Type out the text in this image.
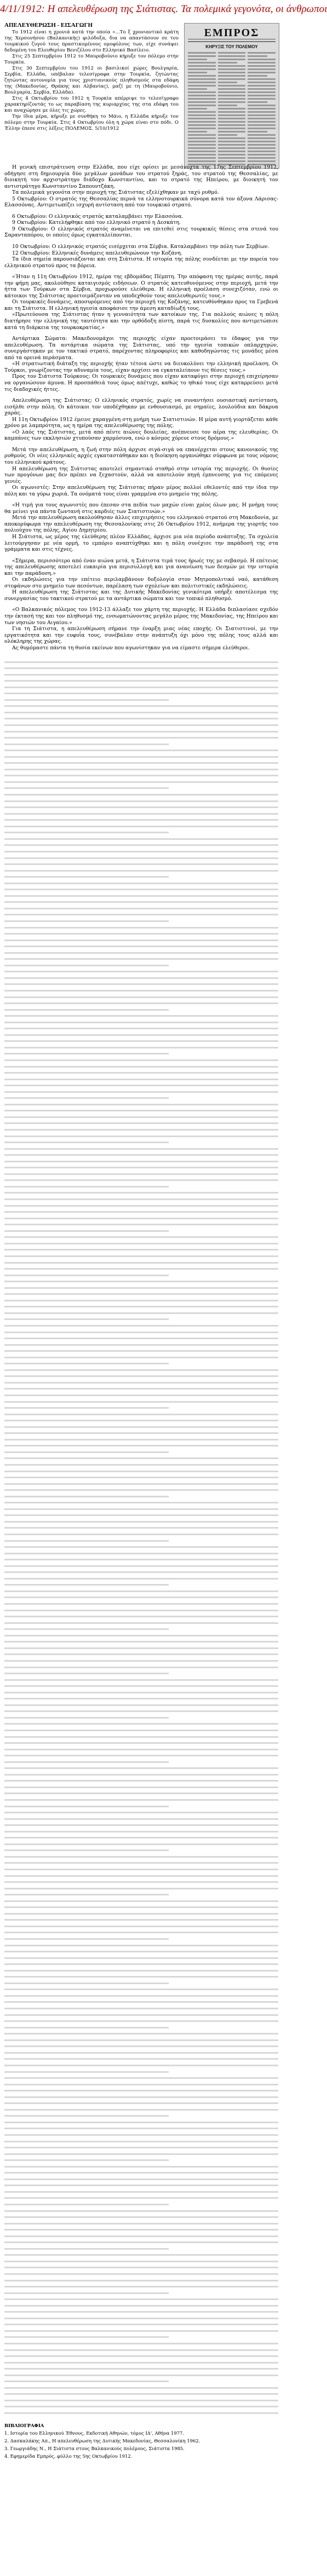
4/11/1912: Η απελευθέρωση της Σιάτιστας. Τα πολεμικά γεγονότα, οι άνθρωποι
ΑΠΕΛΕΥΘΕΡΩΣΗ - ΕΙΣΑΓΩΓΗ

Το 1912 είναι η χρονιά κατά την οποία «...Το ξ χρονιαντικό κράτη της Χερσονήσου (Βαλκανικής) φιλόδοξα, δια να απαντάσουν σε του τουρκικού ζυγού τους πραστικομένους ομοφύλους των, είχε συνάψει δεδομένη του Ελευθερίου Βενιζέλου στο Ελληνικό Βασίλειο.

Στις 25 Σεπτεμβρίου 1912 το Μαυροβούνιο κήρυξε τον πόλεμο στην Τουρκία.

Στις 30 Σεπτεμβρίου του 1912 οι βασιλικοί χώρες Βουλγαρία, Σερβία, Ελλάδα, υπέβαλαν τελεσίγραφα στην Τουρκία, ζητώντας ζητώντας αυτονομία για τους χριστιανικούς πληθυσμούς στα εδάφη της (Μακεδονίας, Θράκης και Αλβανίας), μαζί με τη (Μαυροβούνιο, Βουλγαρία, Σερβία, Ελλάδα).

Στις 4 Οκτωβρίου του 1912 η Τουρκία απέρριψε το τελεσίγραφο χαρακτηρίζοντάς το ως παραβίαση της κυριαρχίας της στα εδάφη του και αναχώρησε με όλες τις χώρες.

Την ίδια μέρα, κήρυξε με συνθήκη το Μάιο, η Ελλάδα κήρυξε τον πόλεμο στην Τουρκία. Στις 4 Οκτωβρίου όλη η χώρα είναι στο πόδι. Ο Έλλην έπεσε στις λέξεις ΠΟΛΕΜΟΣ. 5/10/1912

ΕΜΠΡΟΣ
ΚΗΡΥΞΙΣ ΤΟΥ ΠΟΛΕΜΟΥ

Η γενική επιστράτευση στην Ελλάδα, που είχε ορίσει με μεσάνυχτα της 17ης Σεπτεμβρίου 1912, οδήγησε στη δημιουργία δύο μεγάλων μονάδων του στρατού ξηράς, του στρατού της Θεσσαλίας, με διοικητή τον αρχιστράτηγο διάδοχο Κωνσταντίνο, και το στρατό της Ηπείρου, με διοικητή τον αντιστράτηγο Κωνσταντίνο Σαπουντζάκη.

Τα πολεμικά γεγονότα στην περιοχή της Σιάτιστας εξελίχθηκαν με ταχύ ρυθμό.

5 Οκτωβρίου: Ο στρατός της Θεσσαλίας περνά τα ελληνοτουρκικά σύνορα κατά τον άξονα Λάρισας-Ελασσόνας. Αντιμετωπίζει ισχυρή αντίσταση από τον τουρκικό στρατό.

6 Οκτωβρίου: Ο ελληνικός στρατός καταλαμβάνει την Ελασσόνα.

9 Οκτωβρίου: Κατελήφθηκε από τον ελληνικό στρατό η Δεσκάτη.

9 Οκτωβρίου: Ο ελληνικός στρατός αναμένεται να επιτεθεί στις τουρκικές θέσεις στα στενά του Σαρανταπόρου, οι οποίες όμως εγκαταλείπονται.

10 Οκτωβρίου: Ο ελληνικός στρατός εισέρχεται στα Σέρβια. Καταλαμβάνει την πόλη των Σερβίων.

12 Οκτωβρίου: Ελληνικές δυνάμεις απελευθερώνουν την Κοζάνη.

Τα ίδια σημεία παρουσιάζονται και στη Σιάτιστα. Η ιστορία της πόλης συνδέεται με την πορεία του ελληνικού στρατού προς τα βόρεια.

«Ήταν η 11η Οκτωβρίου 1912, ημέρα της εβδομάδας Πέμπτη. Την απόφαση της ημέρας αυτής, παρά την φήμη μας, ακολούθησε καταιγισμός ειδήσεων. Ο στρατός κατευθυνόμενος στην περιοχή, μετά την ήττα των Τούρκων στα Σέρβια, προχωρούσε ελεύθερα. Η ελληνική προέλαση συνεχιζόταν, ενώ οι κάτοικοι της Σιάτιστας προετοιμάζονταν να υποδεχθούν τους απελευθερωτές τους.»

Οι τουρκικές δυνάμεις, αποσυρόμενες από την περιοχή της Κοζάνης, κατευθύνθηκαν προς τα Γρεβενά και τη Σιάτιστα. Η ελληνική ηγεσία αποφάσισε την άμεση καταδίωξή τους.

«Πρωτεύουσα της Σιάτιστας ήταν η γενναιότητα των κατοίκων της. Για πολλούς αιώνες η πόλη διατήρησε την ελληνική της ταυτότητα και την ορθόδοξη πίστη, παρά τις δυσκολίες που αντιμετώπισε κατά τη διάρκεια της τουρκοκρατίας.»

Αντάρτικα Σώματα: Μακεδονομάχοι της περιοχής είχαν προετοιμάσει το έδαφος για την απελευθέρωση. Τα αντάρτικα σώματα της Σιάτιστας, υπό την ηγεσία τοπικών οπλαρχηγών, συνεργάστηκαν με τον τακτικό στρατό, παρέχοντας πληροφορίες και καθοδηγώντας τις μονάδες μέσα από τα ορεινά περάσματα.

«Η στρατιωτική διάταξη της περιοχής ήταν τέτοια ώστε να διευκολύνει την ελληνική προέλαση. Οι Τούρκοι, γνωρίζοντας την αδυναμία τους, είχαν αρχίσει να εγκαταλείπουν τις θέσεις τους.»

Προς τον Σιάτιστα Τούρκους: Οι τουρκικές δυνάμεις που είχαν καταφύγει στην περιοχή επιχείρησαν να οργανώσουν άμυνα. Η προσπάθειά τους όμως απέτυχε, καθώς το ηθικό τους είχε καταρρεύσει μετά τις διαδοχικές ήττες.

Απελευθέρωση της Σιάτιστας: Ο ελληνικός στρατός, χωρίς να συναντήσει ουσιαστική αντίσταση, εισήλθε στην πόλη. Οι κάτοικοι τον υποδέχθηκαν με ενθουσιασμό, με σημαίες, λουλούδια και δάκρυα χαράς.

Η 11η Οκτωβρίου 1912 έμεινε χαραγμένη στη μνήμη των Σιατιστινών. Η μέρα αυτή γιορτάζεται κάθε χρόνο με λαμπρότητα, ως η ημέρα της απελευθέρωσης της πόλης.

«Ο λαός της Σιάτιστας, μετά από πέντε αιώνες δουλείας, ανέπνευσε τον αέρα της ελευθερίας. Οι καμπάνες των εκκλησιών χτυπούσαν χαρμόσυνα, ενώ ο κόσμος χόρευε στους δρόμους.»

Μετά την απελευθέρωση, η ζωή στην πόλη άρχισε σιγά-σιγά να επανέρχεται στους κανονικούς της ρυθμούς. Οι νέες ελληνικές αρχές εγκαταστάθηκαν και η διοίκηση οργανώθηκε σύμφωνα με τους νόμους του ελληνικού κράτους.

Η απελευθέρωση της Σιάτιστας αποτελεί σημαντικό σταθμό στην ιστορία της περιοχής. Οι θυσίες των προγόνων μας δεν πρέπει να ξεχαστούν, αλλά να αποτελούν πηγή έμπνευσης για τις επόμενες γενιές.

Οι αγωνιστές: Στην απελευθέρωση της Σιάτιστας πήραν μέρος πολλοί εθελοντές από την ίδια την πόλη και τα γύρω χωριά. Τα ονόματά τους είναι γραμμένα στο μνημείο της πόλης.

«Η τιμή για τους αγωνιστές που έπεσαν στα πεδία των μαχών είναι χρέος όλων μας. Η μνήμη τους θα μείνει για πάντα ζωντανή στις καρδιές των Σιατιστινών.»

Μετά την απελευθέρωση ακολούθησαν άλλες επιχειρήσεις του ελληνικού στρατού στη Μακεδονία, με αποκορύφωμα την απελευθέρωση της Θεσσαλονίκης στις 26 Οκτωβρίου 1912, ανήμερα της γιορτής του πολιούχου της πόλης, Αγίου Δημητρίου.

Η Σιάτιστα, ως μέρος της ελεύθερης πλέον Ελλάδας, άρχισε μια νέα περίοδο ανάπτυξης. Τα σχολεία λειτούργησαν με νέα ορμή, το εμπόριο αναπτύχθηκε και η πόλη συνέχισε την παράδοσή της στα γράμματα και στις τέχνες.

«Σήμερα, περισσότερο από έναν αιώνα μετά, η Σιάτιστα τιμά τους ήρωές της με σεβασμό. Η επέτειος της απελευθέρωσης αποτελεί ευκαιρία για περισυλλογή και για ανανέωση των δεσμών με την ιστορία και την παράδοση.»

Οι εκδηλώσεις για την επέτειο περιλαμβάνουν δοξολογία στον Μητροπολιτικό ναό, κατάθεση στεφάνων στο μνημείο των πεσόντων, παρέλαση των σχολείων και πολιτιστικές εκδηλώσεις.

Η απελευθέρωση της Σιάτιστας και της Δυτικής Μακεδονίας γενικότερα υπήρξε αποτέλεσμα της συνεργασίας του τακτικού στρατού με τα αντάρτικα σώματα και τον τοπικό πληθυσμό.

«Ο Βαλκανικός πόλεμος του 1912-13 άλλαξε τον χάρτη της περιοχής. Η Ελλάδα διπλασίασε σχεδόν την έκτασή της και τον πληθυσμό της, ενσωματώνοντας μεγάλο μέρος της Μακεδονίας, της Ηπείρου και των νησιών του Αιγαίου.»

Για τη Σιάτιστα, η απελευθέρωση σήμανε την έναρξη μιας νέας εποχής. Οι Σιατιστινοί, με την εργατικότητα και την ευφυΐα τους, συνέβαλαν στην ανάπτυξη όχι μόνο της πόλης τους αλλά και ολόκληρης της χώρας.

Ας θυμόμαστε πάντα τη θυσία εκείνων που αγωνίστηκαν για να είμαστε σήμερα ελεύθεροι.

ΒΙΒΛΙΟΓΡΑΦΙΑ

1. Ιστορία του Ελληνικού Έθνους, Εκδοτική Αθηνών, τόμος ΙΔ', Αθήνα 1977.

2. Δασκαλάκης Απ., Η απελευθέρωση της Δυτικής Μακεδονίας, Θεσσαλονίκη 1962.

3. Γεωργιάδης Ν., Η Σιάτιστα στους Βαλκανικούς πολέμους, Σιάτιστα 1985.

4. Εφημερίδα Εμπρός, φύλλο της 5ης Οκτωβρίου 1912.
